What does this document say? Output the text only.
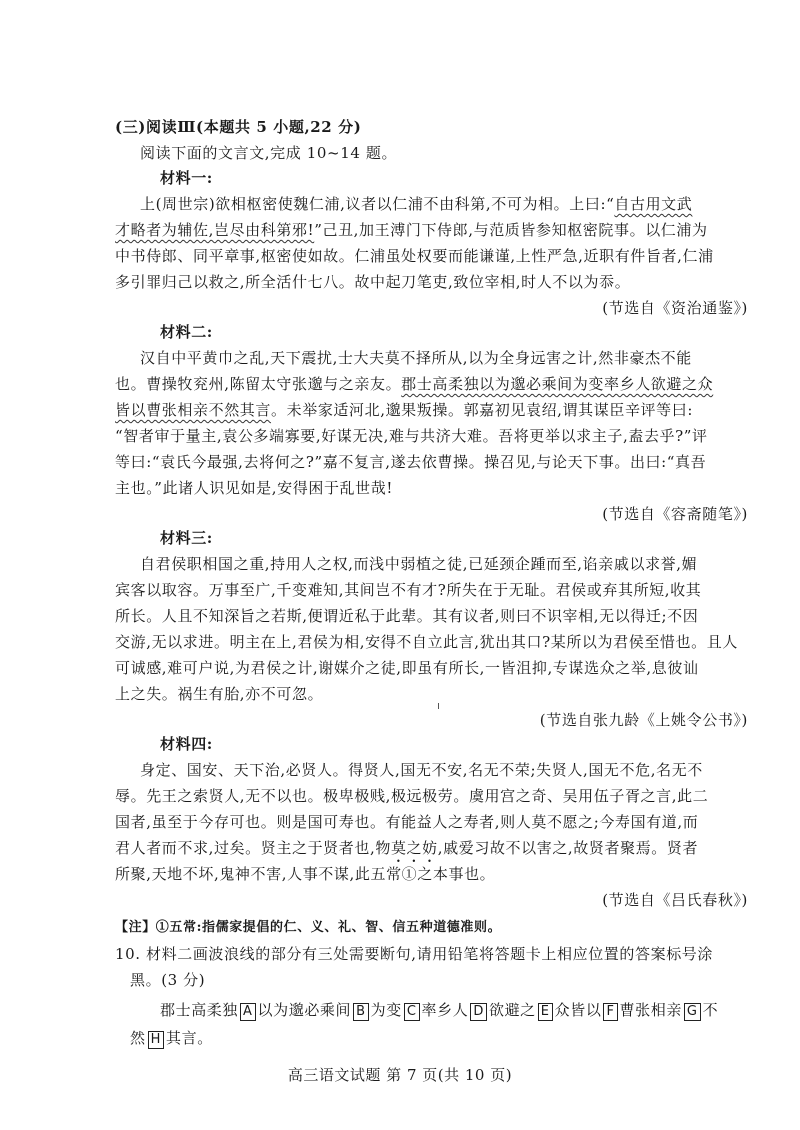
(三)阅读Ⅲ(本题共 5 小题,22 分)
阅读下面的文言文,完成 10~14 题。
材料一:
上(周世宗)欲相枢密使魏仁浦,议者以仁浦不由科第,不可为相。上曰:“自古用文武
才略者为辅佐,岂尽由科第邪!”己丑,加王溥门下侍郎,与范质皆参知枢密院事。以仁浦为
中书侍郎、同平章事,枢密使如故。仁浦虽处权要而能谦谨,上性严急,近职有件旨者,仁浦
多引罪归己以救之,所全活什七八。故中起刀笔吏,致位宰相,时人不以为忝。
(节选自《资治通鉴》)
材料二:
汉自中平黄巾之乱,天下震扰,士大夫莫不择所从,以为全身远害之计,然非豪杰不能
也。曹操牧兖州,陈留太守张邈与之亲友。郡士高柔独以为邈必乘间为变率乡人欲避之众
皆以曹张相亲不然其言。未举家适河北,邈果叛操。郭嘉初见袁绍,谓其谋臣辛评等曰:
“智者审于量主,袁公多端寡要,好谋无决,难与共济大难。吾将更举以求主子,盍去乎?”评
等曰:“袁氏今最强,去将何之?”嘉不复言,遂去依曹操。操召见,与论天下事。出曰:“真吾
主也。”此诸人识见如是,安得困于乱世哉!
(节选自《容斋随笔》)
材料三:
自君侯职相国之重,持用人之权,而浅中弱植之徒,已延颈企踵而至,谄亲戚以求誉,媚
宾客以取容。万事至广,千变难知,其间岂不有才?所失在于无耻。君侯或弃其所短,收其
所长。人且不知深旨之若斯,便谓近私于此辈。其有议者,则曰不识宰相,无以得迁;不因
交游,无以求进。明主在上,君侯为相,安得不自立此言,犹出其口?某所以为君侯至惜也。且人
可诚感,难可户说,为君侯之计,谢媒介之徒,即虽有所长,一皆沮抑,专谋选众之举,息彼讪
上之失。祸生有胎,亦不可忽。
(节选自张九龄《上姚令公书》)
材料四:
身定、国安、天下治,必贤人。得贤人,国无不安,名无不荣;失贤人,国无不危,名无不
辱。先王之索贤人,无不以也。极卑极贱,极远极劳。虞用宫之奇、吴用伍子胥之言,此二
国者,虽至于今存可也。则是国可寿也。有能益人之寿者,则人莫不愿之;今寿国有道,而
君人者而不求,过矣。贤主之于贤者也,物莫之妨,戚爱习故不以害之,故贤者聚焉。贤者
所聚,天地不坏,鬼神不害,人事不谋,此五常①之本事也。
(节选自《吕氏春秋》)
【注】①五常:指儒家提倡的仁、义、礼、智、信五种道德准则。
10. 材料二画波浪线的部分有三处需要断句,请用铅笔将答题卡上相应位置的答案标号涂
黑。(3 分)
郡士高柔独 A 以为邈必乘间 B 为变 C 率乡人 D 欲避之 E 众皆以 F 曹张相亲 G 不
然 H 其言。
高三语文试题 第 7 页(共 10 页)
